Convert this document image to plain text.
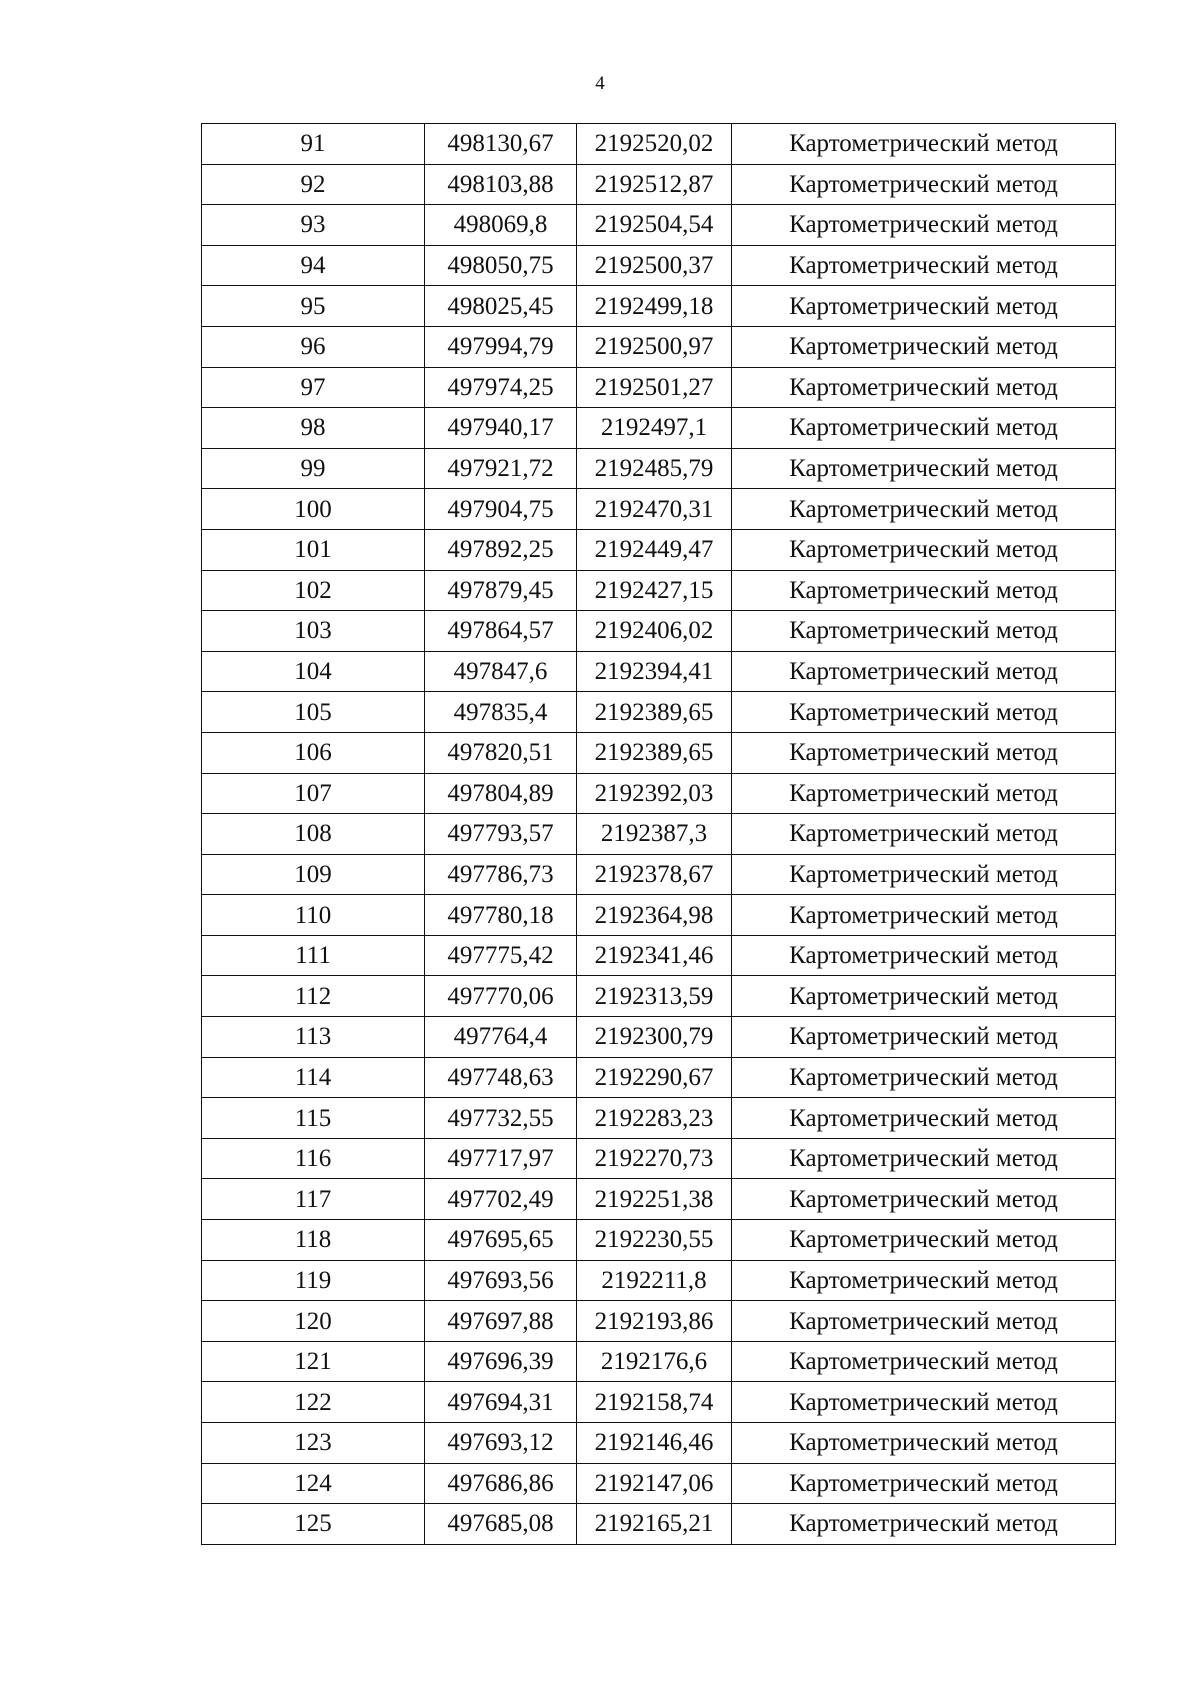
4
91	498130,67	2192520,02	Картометрический метод
92	498103,88	2192512,87	Картометрический метод
93	498069,8	2192504,54	Картометрический метод
94	498050,75	2192500,37	Картометрический метод
95	498025,45	2192499,18	Картометрический метод
96	497994,79	2192500,97	Картометрический метод
97	497974,25	2192501,27	Картометрический метод
98	497940,17	2192497,1	Картометрический метод
99	497921,72	2192485,79	Картометрический метод
100	497904,75	2192470,31	Картометрический метод
101	497892,25	2192449,47	Картометрический метод
102	497879,45	2192427,15	Картометрический метод
103	497864,57	2192406,02	Картометрический метод
104	497847,6	2192394,41	Картометрический метод
105	497835,4	2192389,65	Картометрический метод
106	497820,51	2192389,65	Картометрический метод
107	497804,89	2192392,03	Картометрический метод
108	497793,57	2192387,3	Картометрический метод
109	497786,73	2192378,67	Картометрический метод
110	497780,18	2192364,98	Картометрический метод
111	497775,42	2192341,46	Картометрический метод
112	497770,06	2192313,59	Картометрический метод
113	497764,4	2192300,79	Картометрический метод
114	497748,63	2192290,67	Картометрический метод
115	497732,55	2192283,23	Картометрический метод
116	497717,97	2192270,73	Картометрический метод
117	497702,49	2192251,38	Картометрический метод
118	497695,65	2192230,55	Картометрический метод
119	497693,56	2192211,8	Картометрический метод
120	497697,88	2192193,86	Картометрический метод
121	497696,39	2192176,6	Картометрический метод
122	497694,31	2192158,74	Картометрический метод
123	497693,12	2192146,46	Картометрический метод
124	497686,86	2192147,06	Картометрический метод
125	497685,08	2192165,21	Картометрический метод
